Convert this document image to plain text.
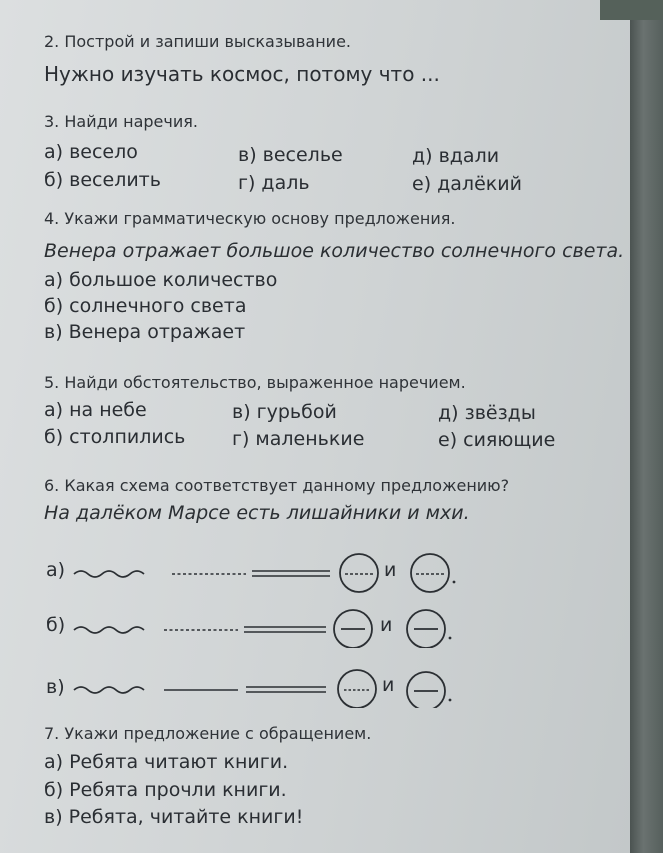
2. Построй и запиши высказывание.
Нужно изучать космос, потому что ...
3. Найди наречия.
а) весело	в) веселье	д) вдали
б) веселить	г) даль	е) далёкий
4. Укажи грамматическую основу предложения.
Венера отражает большое количество солнечного света.
а) большое количество
б) солнечного света
в) Венера отражает
5. Найди обстоятельство, выраженное наречием.
а) на небе	в) гурьбой	д) звёзды
б) столпились г) маленькие	е) сияющие
6. Какая схема соответствует данному предложению?
На далёком Марсе есть лишайники и мхи.
а)	и
б)	и
в)	и
7. Укажи предложение с обращением.
а) Ребята читают книги.
б) Ребята прочли книги.
в) Ребята, читайте книги!
